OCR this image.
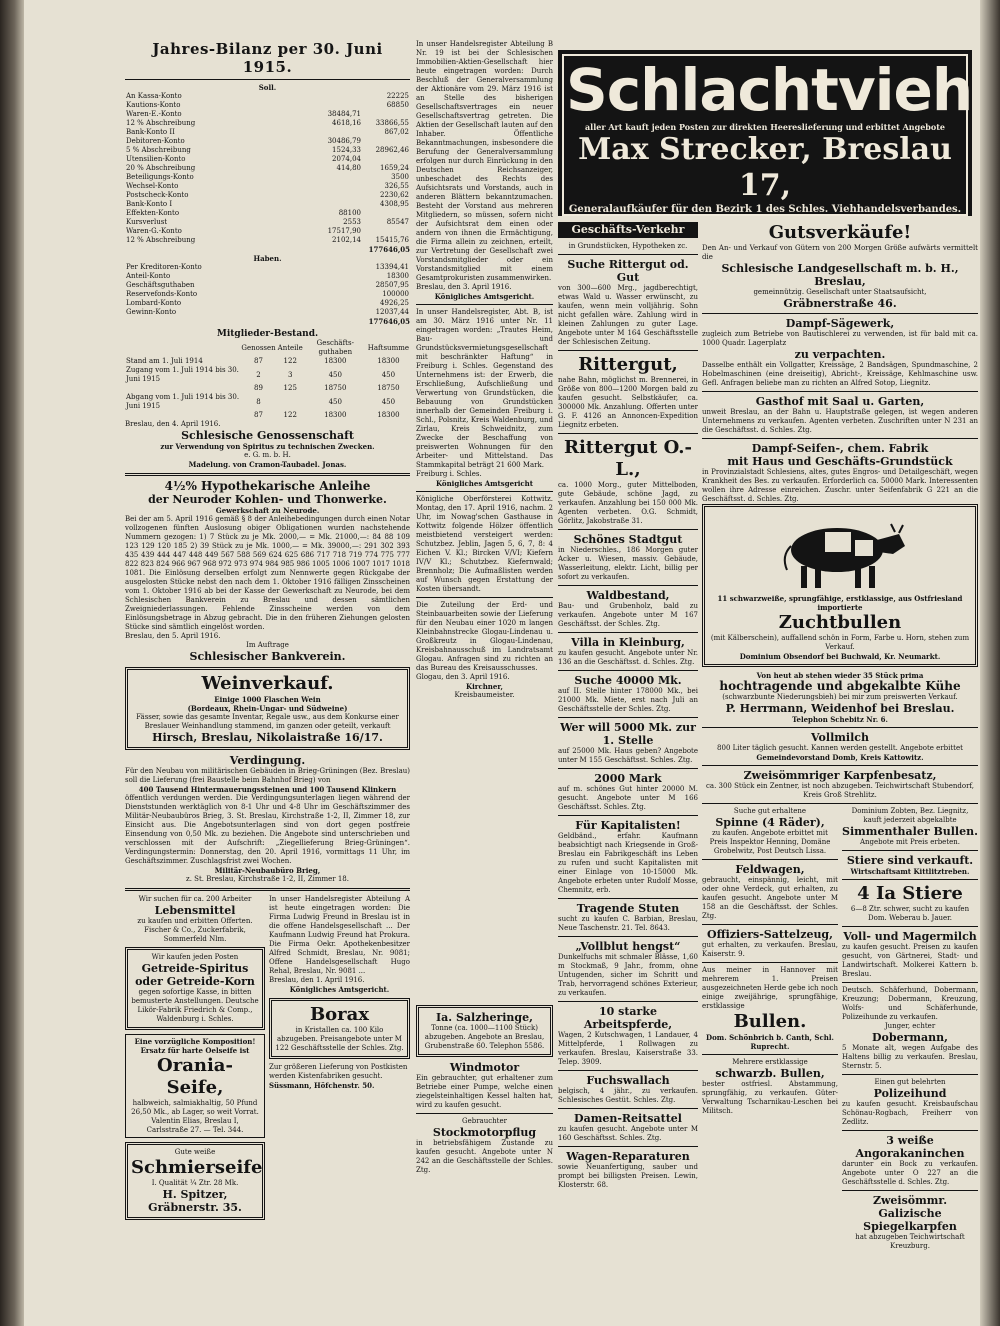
Jahres-Bilanz per 30. Juni 1915.
Soll.
An Kassa-Konto		22225
Kautions-Konto		68850
Waren-E.-Konto	38484,71	
12 % Abschreibung	4618,16	33866,55
Bank-Konto II		867,02
Debitoren-Konto	30486,79	
5 % Abschreibung	1524,33	28962,46
Utensilien-Konto	2074,04	
20 % Abschreibung	414,80	1659,24
Beteiligungs-Konto		3500
Wechsel-Konto		326,55
Postscheck-Konto		2230,62
Bank-Konto I		4308,95
Effekten-Konto	88100	
Kursverlust	2553	85547
Waren-G.-Konto	17517,90	
12 % Abschreibung	2102,14	15415,76
177646,05
Haben.
Per Kreditoren-Konto		13394,41
Anteil-Konto		18300
Geschäftsguthaben		28507,95
Reservefonds-Konto		100000
Lombard-Konto		4926,25
Gewinn-Konto		12037,44
177646,05
Mitglieder-Bestand.
	Genossen	Anteile	Geschäfts-guthaben	Haftsumme
Stand am 1. Juli 1914	87	122	18300	18300
Zugang vom 1. Juli 1914 bis 30. Juni 1915	2	3	450	450
	89	125	18750	18750
Abgang vom 1. Juli 1914 bis 30. Juni 1915	8		450	450
	87	122	18300	18300
Breslau, den 4. April 1916.
Schlesische Genossenschaft
zur Verwendung von Spiritus zu technischen Zwecken.
e. G. m. b. H.
Madelung. von Cramon-Taubadel. Jonas.
4½% Hypothekarische Anleihe
der Neuroder Kohlen- und Thonwerke.
Gewerkschaft zu Neurode.
Bei der am 5. April 1916 gemäß § 8 der Anleihebedingungen durch einen Notar vollzogenen fünften Auslosung obiger Obligationen wurden nachstehende Nummern gezogen: 1) 7 Stück zu je Mk. 2000,— = Mk. 21000,—: 84 88 109 123 129 120 185 2) 39 Stück zu je Mk. 1000,— = Mk. 39000,—: 291 302 393 435 439 444 447 448 449 567 588 569 624 625 686 717 718 719 774 775 777 822 823 824 966 967 968 972 973 974 984 985 986 1005 1006 1007 1017 1018 1081. Die Einlösung derselben erfolgt zum Nennwerte gegen Rückgabe der ausgelosten Stücke nebst den nach dem 1. Oktober 1916 fälligen Zinsscheinen vom 1. Oktober 1916 ab bei der Kasse der Gewerkschaft zu Neurode, bei dem Schlesischen Bankverein zu Breslau und dessen sämtlichen Zweigniederlassungen. Fehlende Zinsscheine werden von dem Einlösungsbetrage in Abzug gebracht. Die in den früheren Ziehungen gelosten Stücke sind sämtlich eingelöst worden.
Breslau, den 5. April 1916.
Im Auftrage
Schlesischer Bankverein.
Weinverkauf.
Einige 1000 Flaschen Wein
(Bordeaux, Rhein-Ungar- und Südweine)
Fässer, sowie das gesamte Inventar, Regale usw., aus dem Konkurse einer Breslauer Weinhandlung stammend, im ganzen oder geteilt, verkauft
Hirsch, Breslau, Nikolaistraße 16/17.
Verdingung.
Für den Neubau von militärischen Gebäuden in Brieg-Grüningen (Bez. Breslau) soll die Lieferung (frei Baustelle beim Bahnhof Brieg) von
400 Tausend Hintermauerungssteinen und 100 Tausend Klinkern
öffentlich verdungen werden. Die Verdingungsunterlagen liegen während der Dienststunden werktäglich von 8-1 Uhr und 4-8 Uhr im Geschäftszimmer des Militär-Neubaubüros Brieg, 3. St. Breslau, Kirchstraße 1-2, II, Zimmer 18, zur Einsicht aus. Die Angebotsunterlagen sind von dort gegen postfreie Einsendung von 0,50 Mk. zu beziehen. Die Angebote sind unterschrieben und verschlossen mit der Aufschrift: „Ziegellieferung Brieg-Grüningen“. Verdingungstermin: Donnerstag, den 20. April 1916, vormittags 11 Uhr, im Geschäftszimmer. Zuschlagsfrist zwei Wochen.
Militär-Neubaubüro Brieg,
z. St. Breslau, Kirchstraße 1-2, II, Zimmer 18.
Wir suchen für ca. 200 Arbeiter
Lebensmittel
zu kaufen und erbitten Offerten. Fischer & Co., Zuckerfabrik, Sommerfeld Nlm.
Wir kaufen jeden Posten
Getreide-Spiritus
oder Getreide-Korn
gegen sofortige Kasse, in bitten bemusterte Anstellungen. Deutsche Likör-Fabrik Friedrich & Comp., Waldenburg i. Schles.
Eine vorzügliche Komposition! Ersatz für harte Oelseife ist
Orania-Seife,
halbweich, salmiakhaltig, 50 Pfund 26,50 Mk., ab Lager, so weit Vorrat. Valentin Elias, Breslau I, Carlsstraße 27. — Tel. 344.
Gute weiße
Schmierseife
I. Qualität ¼ Ztr. 28 Mk.
H. Spitzer, Gräbnerstr. 35.
In unser Handelsregister Abteilung A ist heute eingetragen worden: Die Firma Ludwig Freund in Breslau ist in die offene Handelsgesellschaft ... Der Kaufmann Ludwig Freund hat Prokura. Die Firma Oekr. Apothekenbesitzer Alfred Schmidt, Breslau, Nr. 9081; Offene Handelsgesellschaft Hugo Rehal, Breslau, Nr. 9081 ...
Breslau, den 1. April 1916.
Königliches Amtsgericht.
Borax
in Kristallen ca. 100 Kilo abzugeben. Preisangebote unter M 122 Geschäftsstelle der Schles. Ztg.
Zur größeren Lieferung von Postkisten werden Kistenfabriken gesucht.
Süssmann, Höfchenstr. 50.
In unser Handelsregister Abteilung B Nr. 19 ist bei der Schlesischen Immobilien-Aktien-Gesellschaft hier heute eingetragen worden: Durch Beschluß der Generalversammlung der Aktionäre vom 29. März 1916 ist an Stelle des bisherigen Gesellschaftsvertrages ein neuer Gesellschaftsvertrag getreten. Die Aktien der Gesellschaft lauten auf den Inhaber. Öffentliche Bekanntmachungen, insbesondere die Berufung der Generalversammlung erfolgen nur durch Einrückung in den Deutschen Reichsanzeiger, unbeschadet des Rechts des Aufsichtsrats und Vorstands, auch in anderen Blättern bekanntzumachen. Besteht der Vorstand aus mehreren Mitgliedern, so müssen, sofern nicht der Aufsichtsrat dem einen oder andern von ihnen die Ermächtigung, die Firma allein zu zeichnen, erteilt, zur Vertretung der Gesellschaft zwei Vorstandsmitglieder oder ein Vorstandsmitglied mit einem Gesamtprokuristen zusammenwirken.
Breslau, den 3. April 1916.
Königliches Amtsgericht.
In unser Handelsregister, Abt. B, ist am 30. März 1916 unter Nr. 11 eingetragen worden: „Trautes Heim, Bau- und Grundstücksvermietungsgesellschaft mit beschränkter Haftung“ in Freiburg i. Schles. Gegenstand des Unternehmens ist: der Erwerb, die Erschließung, Aufschließung und Verwertung von Grundstücken, die Bebauung von Grundstücken innerhalb der Gemeinden Freiburg i. Schl., Polsnitz, Kreis Waldenburg, und Zirlau, Kreis Schweidnitz, zum Zwecke der Beschaffung von preiswerten Wohnungen für den Arbeiter- und Mittelstand. Das Stammkapital beträgt 21 600 Mark.
Freiburg i. Schles.
Königliches Amtsgericht
Königliche Oberförsterei Kottwitz. Montag, den 17. April 1916, nachm. 2 Uhr, im Nowag'schen Gasthause in Kottwitz folgende Hölzer öffentlich meistbietend versteigert werden: Schutzbez. Jeblin, Jagen 5, 6, 7, 8: 4 Eichen V. Kl.; Bircken V/VI; Kiefern IV/V Kl.; Schutzbez. Kiefernwald; Brennholz; Die Aufmaßlisten werden auf Wunsch gegen Erstattung der Kosten übersandt.
Die Zuteilung der Erd- und Steinbauarbeiten sowie der Lieferung für den Neubau einer 1020 m langen Kleinbahnstrecke Glogau-Lindenau u. Großkreutz in Glogau-Lindenau, Kreisbahnausschuß im Landratsamt Glogau. Anfragen sind zu richten an das Bureau des Kreisausschusses.
Glogau, den 3. April 1916.
Kirchner,
Kreisbaumeister.
Schlachtvieh
aller Art kauft jeden Posten zur direkten Heereslieferung und erbittet Angebote
Max Strecker, Breslau 17,
Generalaufkäufer für den Bezirk 1 des Schles. Viehhandelsverbandes.
Geschäfts-Verkehr
in Grundstücken, Hypotheken zc.
Suche Rittergut od. Gut
von 300—600 Mrg., jagdberechtigt, etwas Wald u. Wasser erwünscht, zu kaufen, wenn mein volljährig. Sohn nicht gefallen wäre. Zahlung wird in kleinen Zahlungen zu guter Lage. Angebote unter M 164 Geschäftsstelle der Schlesischen Zeitung.
Rittergut,
nahe Bahn, möglichst m. Brennerei, in Größe von 800—1200 Morgen bald zu kaufen gesucht. Selbstkäufer, ca. 300000 Mk. Anzahlung. Offerten unter G. F. 4126 an Annoncen-Expedition Liegnitz erbeten.
Rittergut O.-L.,
ca. 1000 Morg., guter Mittelboden, gute Gebäude, schöne Jagd, zu verkaufen. Anzahlung bei 150 000 Mk. Agenten verbeten. O.G. Schmidt, Görlitz, Jakobstraße 31.
Schönes Stadtgut
in Niederschles., 186 Morgen guter Acker u. Wiesen, massiv. Gebäude, Wasserleitung, elektr. Licht, billig per sofort zu verkaufen.
Waldbestand,
Bau- und Grubenholz, bald zu verkaufen. Angebote unter M 167 Geschäftsst. der Schles. Ztg.
Villa in Kleinburg,
zu kaufen gesucht. Angebote unter Nr. 136 an die Geschäftsst. d. Schles. Ztg.
Suche 40000 Mk.
auf II. Stelle hinter 178000 Mk., bei 21000 Mk. Miete, erst nach Juli an Geschäftsstelle der Schles. Ztg.
Wer will 5000 Mk. zur 1. Stelle
auf 25000 Mk. Haus geben? Angebote unter M 155 Geschäftsst. Schles. Ztg.
2000 Mark
auf m. schönes Gut hinter 20000 M. gesucht. Angebote unter M 166 Geschäftsst. Schles. Ztg.
Für Kapitalisten!
Geldbänd., erfahr. Kaufmann beabsichtigt nach Kriegsende in Groß-Breslau ein Fabrikgeschäft ins Leben zu rufen und sucht Kapitalisten mit einer Einlage von 10-15000 Mk. Angebote erbeten unter Rudolf Mosse, Chemnitz, erb.
Tragende Stuten
sucht zu kaufen C. Barbian, Breslau, Neue Taschenstr. 21. Tel. 8643.
„Vollblut hengst“
Dunkelfuchs mit schmaler Blässe, 1,60 m Stockmaß, 9 Jahr., fromm, ohne Untugenden, sicher im Schritt und Trab, hervorragend schönes Exterieur, zu verkaufen.
10 starke Arbeitspferde,
Wagen, 2 Kutschwagen, 1 Landauer, 4 Mittelpferde, 1 Rollwagen zu verkaufen. Breslau, Kaiserstraße 33. Telep. 3909.
Fuchswallach
belgisch, 4 jähr., zu verkaufen. Schlesisches Gestüt. Schles. Ztg.
Damen-Reitsattel
zu kaufen gesucht. Angebote unter M 160 Geschäftsst. Schles. Ztg.
Wagen-Reparaturen
sowie Neuanfertigung, sauber und prompt bei billigsten Preisen. Lewin, Klosterstr. 68.
Ia. Salzheringe,
Tonne (ca. 1000—1100 Stück) abzugeben. Angebote an Breslau, Grubenstraße 60. Telephon 5586.
Windmotor
Ein gebrauchter, gut erhaltener zum Betriebe einer Pumpe, welche einen ziegelsteinhaltigen Kessel halten hat, wird zu kaufen gesucht.
Gebrauchter
Stockmotorpflug
in betriebsfähigem Zustande zu kaufen gesucht. Angebote unter N 242 an die Geschäftsstelle der Schles. Ztg.
Gutsverkäufe!
Den An- und Verkauf von Gütern von 200 Morgen Größe aufwärts vermittelt die
Schlesische Landgesellschaft m. b. H., Breslau,
gemeinnützig. Gesellschaft unter Staatsaufsicht,
Gräbnerstraße 46.
Dampf-Sägewerk,
zugleich zum Betriebe von Bautischlerei zu verwenden, ist für bald mit ca. 1000 Quadr. Lagerplatz
zu verpachten.
Dasselbe enthält ein Vollgatter, Kreissäge, 2 Bandsägen, Spundmaschine, 2 Hobelmaschinen (eine dreiseitig), Abricht-, Kreissäge, Kehlmaschine usw. Gefl. Anfragen beliebe man zu richten an Alfred Sotop, Liegnitz.
Gasthof mit Saal u. Garten,
unweit Breslau, an der Bahn u. Hauptstraße gelegen, ist wegen anderen Unternehmens zu verkaufen. Agenten verbeten. Zuschriften unter N 231 an die Geschäftsst. d. Schles. Ztg.
Dampf-Seifen-, chem. Fabrik
mit Haus und Geschäfts-Grundstück
in Provinzialstadt Schlesiens, altes, gutes Engros- und Detailgeschäft, wegen Krankheit des Bes. zu verkaufen. Erforderlich ca. 50000 Mark. Interessenten wollen ihre Adresse einreichen. Zuschr. unter Seifenfabrik G 221 an die Geschäftsst. d. Schles. Ztg.
11 schwarzweiße, sprungfähige, erstklassige, aus Ostfriesland importierte
Zuchtbullen
(mit Kälberschein), auffallend schön in Form, Farbe u. Horn, stehen zum Verkauf.
Dominium Obsendorf bei Buchwald, Kr. Neumarkt.
Von heut ab stehen wieder 35 Stück prima
hochtragende und abgekalbte Kühe
(schwarzbunte Niederungsbieh) bei mir zum preiswerten Verkauf.
P. Herrmann, Weidenhof bei Breslau.
Telephon Schebitz Nr. 6.
Vollmilch
800 Liter täglich gesucht. Kannen werden gestellt. Angebote erbittet
Gemeindevorstand Domb, Kreis Kattowitz.
Zweisömmriger Karpfenbesatz,
ca. 300 Stück ein Zentner, ist noch abzugeben. Teichwirtschaft Stubendorf, Kreis Groß Strehlitz.
Suche gut erhaltene
Spinne (4 Räder),
zu kaufen. Angebote erbittet mit Preis Inspektor Henning, Domäne Grobelwitz, Post Deutsch Lissa.
Feldwagen,
gebraucht, einspännig, leicht, mit oder ohne Verdeck, gut erhalten, zu kaufen gesucht. Angebote unter M 158 an die Geschäftsst. der Schles. Ztg.
Offiziers-Sattelzeug,
gut erhalten, zu verkaufen. Breslau, Kaiserstr. 9.
Aus meiner in Hannover mit mehrerem 1. Preisen ausgezeichneten Herde gebe ich noch einige zweijährige, sprungfähige, erstklassige
Bullen.
Dom. Schönbrich b. Canth, Schl. Ruprecht.
Mehrere erstklassige
schwarzb. Bullen,
bester ostfriesl. Abstammung, sprungfähig, zu verkaufen. Güter-Verwaltung Tscharnikau-Leschen bei Militsch.
Dominium Zobten, Bez. Liegnitz, kauft jederzeit abgekalbte
Simmenthaler Bullen.
Angebote mit Preis erbeten.
Stiere sind verkauft.
Wirtschaftsamt Kittlitztreben.
4 Ia Stiere
6—8 Ztr. schwer, sucht zu kaufen Dom. Weberau b. Jauer.
Voll- und Magermilch
zu kaufen gesucht. Preisen zu kaufen gesucht, von Gärtnerei, Stadt- und Landwirtschaft. Molkerei Kattern b. Breslau.
Deutsch. Schäferhund, Dobermann, Kreuzung; Dobermann, Kreuzung, Wolfs- und Schäferhunde, Polizeihunde zu verkaufen.
Junger, echter
Dobermann,
5 Monate alt, wegen Aufgabe des Haltens billig zu verkaufen. Breslau, Sternstr. 5.
Einen gut belehrten
Polizeihund
zu kaufen gesucht. Kreisbaufschau Schönau-Rogbach, Freiherr von Zedlitz.
3 weiße Angorakaninchen
darunter ein Bock zu verkaufen. Angebote unter O 227 an die Geschäftsstelle d. Schles. Ztg.
Zweisömmr. Galizische Spiegelkarpfen
hat abzugeben Teichwirtschaft Kreuzburg.
